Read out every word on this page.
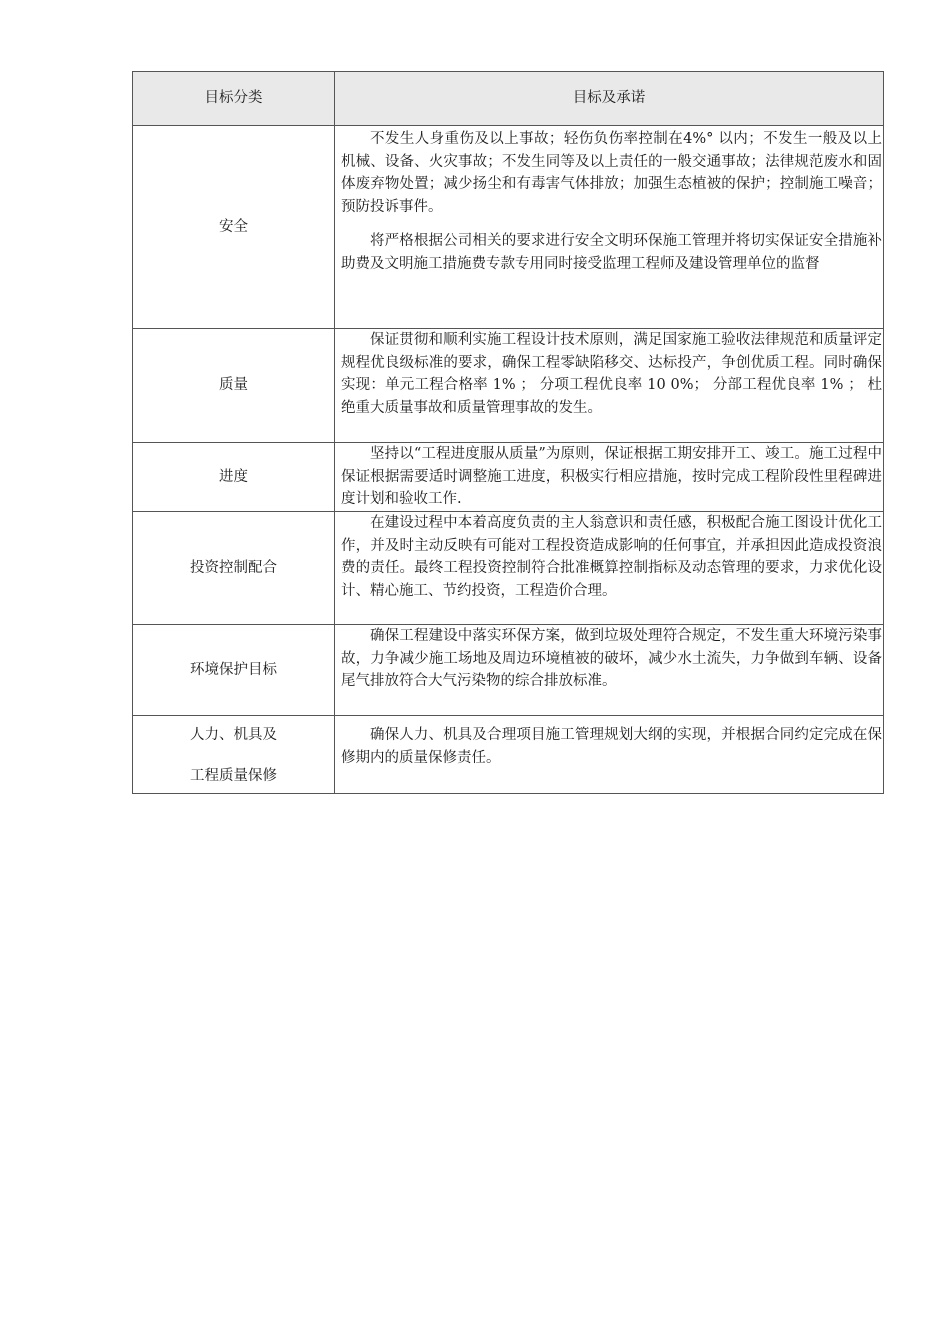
目标分类	目标及承诺

安全	不发生人身重伤及以上事故；轻伤负伤率控制在4%° 以内；不发生一般及以上机械、设备、火灾事故；不发生同等及以上责任的一般交通事故；法律规范废水和固体废弃物处置；减少扬尘和有毒害气体排放；加强生态植被的保护；控制施工噪音；预防投诉事件。

将严格根据公司相关的要求进行安全文明环保施工管理并将切实保证安全措施补助费及文明施工措施费专款专用同时接受监理工程师及建设管理单位的监督

质量	保证贯彻和顺利实施工程设计技术原则，满足国家施工验收法律规范和质量评定规程优良级标准的要求，确保工程零缺陷移交、达标投产，争创优质工程。同时确保实现：单元工程合格率 1% ； 分项工程优良率 10 0%； 分部工程优良率 1% ； 杜绝重大质量事故和质量管理事故的发生。

进度	坚持以“工程进度服从质量”为原则，保证根据工期安排开工、竣工。施工过程中保证根据需要适时调整施工进度，积极实行相应措施，按时完成工程阶段性里程碑进度计划和验收工作.

投资控制配合	在建设过程中本着高度负责的主人翁意识和责任感，积极配合施工图设计优化工作，并及时主动反映有可能对工程投资造成影响的任何事宜，并承担因此造成投资浪费的责任。最终工程投资控制符合批准概算控制指标及动态管理的要求，力求优化设计、精心施工、节约投资，工程造价合理。

环境保护目标	确保工程建设中落实环保方案，做到垃圾处理符合规定，不发生重大环境污染事故，力争减少施工场地及周边环境植被的破坏，减少水土流失，力争做到车辆、设备尾气排放符合大气污染物的综合排放标准。

人力、机具及
工程质量保修	确保人力、机具及合理项目施工管理规划大纲的实现，并根据合同约定完成在保修期内的质量保修责任。
